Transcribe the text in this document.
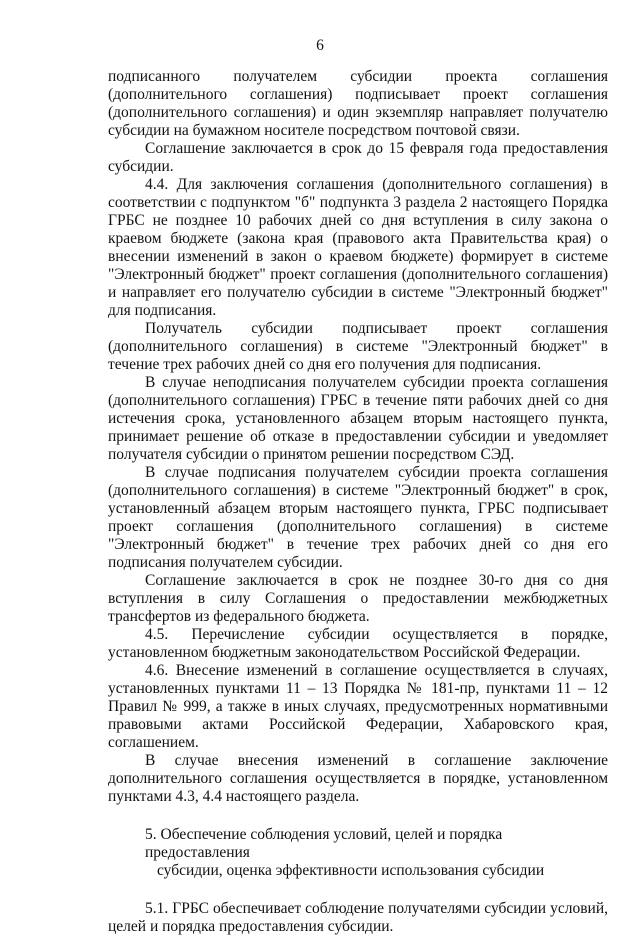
6

подписанного получателем субсидии проекта соглашения (дополнительного соглашения) подписывает проект соглашения (дополнительного соглашения) и один экземпляр направляет получателю субсидии на бумажном носителе посредством почтовой связи.

Соглашение заключается в срок до 15 февраля года предоставления субсидии.

4.4. Для заключения соглашения (дополнительного соглашения) в соответствии с подпунктом "б" подпункта 3 раздела 2 настоящего Порядка ГРБС не позднее 10 рабочих дней со дня вступления в силу закона о краевом бюджете (закона края (правового акта Правительства края) о внесении изменений в закон о краевом бюджете) формирует в системе "Электронный бюджет" проект соглашения (дополнительного соглашения) и направляет его получателю субсидии в системе "Электронный бюджет" для подписания.

Получатель субсидии подписывает проект соглашения (дополнительного соглашения) в системе "Электронный бюджет" в течение трех рабочих дней со дня его получения для подписания.

В случае неподписания получателем субсидии проекта соглашения (дополнительного соглашения) ГРБС в течение пяти рабочих дней со дня истечения срока, установленного абзацем вторым настоящего пункта, принимает решение об отказе в предоставлении субсидии и уведомляет получателя субсидии о принятом решении посредством СЭД.

В случае подписания получателем субсидии проекта соглашения (дополнительного соглашения) в системе "Электронный бюджет" в срок, установленный абзацем вторым настоящего пункта, ГРБС подписывает проект соглашения (дополнительного соглашения) в системе "Электронный бюджет" в течение трех рабочих дней со дня его подписания получателем субсидии.

Соглашение заключается в срок не позднее 30-го дня со дня вступления в силу Соглашения о предоставлении межбюджетных трансфертов из федерального бюджета.

4.5. Перечисление субсидии осуществляется в порядке, установленном бюджетным законодательством Российской Федерации.

4.6. Внесение изменений в соглашение осуществляется в случаях, установленных пунктами 11 – 13 Порядка № 181-пр, пунктами 11 – 12 Правил № 999, а также в иных случаях, предусмотренных нормативными правовыми актами Российской Федерации, Хабаровского края, соглашением.

В случае внесения изменений в соглашение заключение дополнительного соглашения осуществляется в порядке, установленном пунктами 4.3, 4.4 настоящего раздела.

5. Обеспечение соблюдения условий, целей и порядка предоставления
субсидии, оценка эффективности использования субсидии

5.1. ГРБС обеспечивает соблюдение получателями субсидии условий, целей и порядка предоставления субсидии.
